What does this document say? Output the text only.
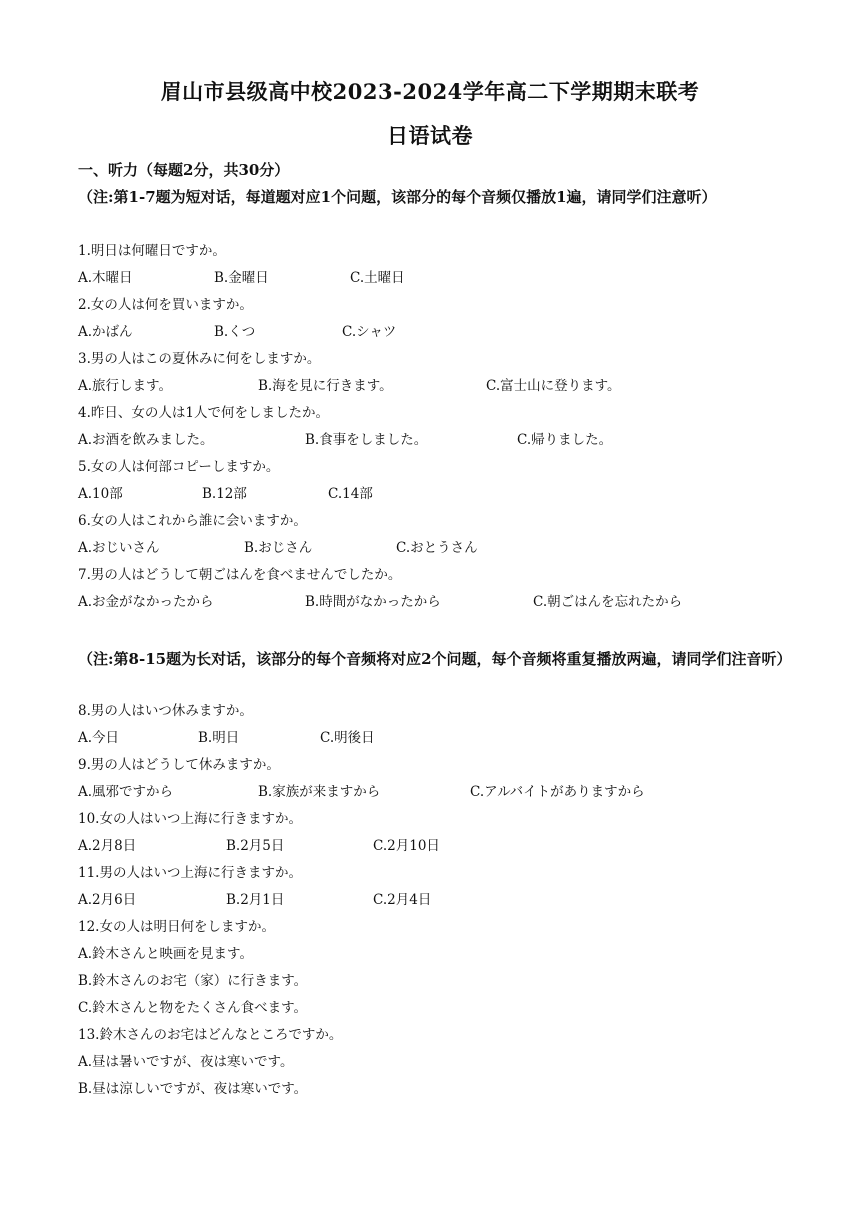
眉山市县级高中校2023-2024学年高二下学期期末联考
日语试卷
一、听力（每题2分，共30分）
（注:第1-7题为短对话，每道题对应1个问题，该部分的每个音频仅播放1遍，请同学们注意听）
1.明日は何曜日ですか。
A.木曜日	B.金曜日	C.土曜日
2.女の人は何を買いますか。
A.かばん	B.くつ	C.シャツ
3.男の人はこの夏休みに何をしますか。
A.旅行します。	B.海を見に行きます。	C.富士山に登ります。
4.昨日、女の人は1人で何をしましたか。
A.お酒を飲みました。	B.食事をしました。	C.帰りました。
5.女の人は何部コピーしますか。
A.10部	B.12部	C.14部
6.女の人はこれから誰に会いますか。
A.おじいさん	B.おじさん	C.おとうさん
7.男の人はどうして朝ごはんを食べませんでしたか。
A.お金がなかったから	B.時間がなかったから	C.朝ごはんを忘れたから
（注:第8-15题为长对话，该部分的每个音频将对应2个问题，每个音频将重复播放两遍，请同学们注音听）
8.男の人はいつ休みますか。
A.今日	B.明日	C.明後日
9.男の人はどうして休みますか。
A.風邪ですから	B.家族が来ますから	C.アルバイトがありますから
10.女の人はいつ上海に行きますか。
A.2月8日	B.2月5日	C.2月10日
11.男の人はいつ上海に行きますか。
A.2月6日	B.2月1日	C.2月4日
12.女の人は明日何をしますか。
A.鈴木さんと映画を見ます。
B.鈴木さんのお宅（家）に行きます。
C.鈴木さんと物をたくさん食べます。
13.鈴木さんのお宅はどんなところですか。
A.昼は暑いですが、夜は寒いです。
B.昼は涼しいですが、夜は寒いです。
